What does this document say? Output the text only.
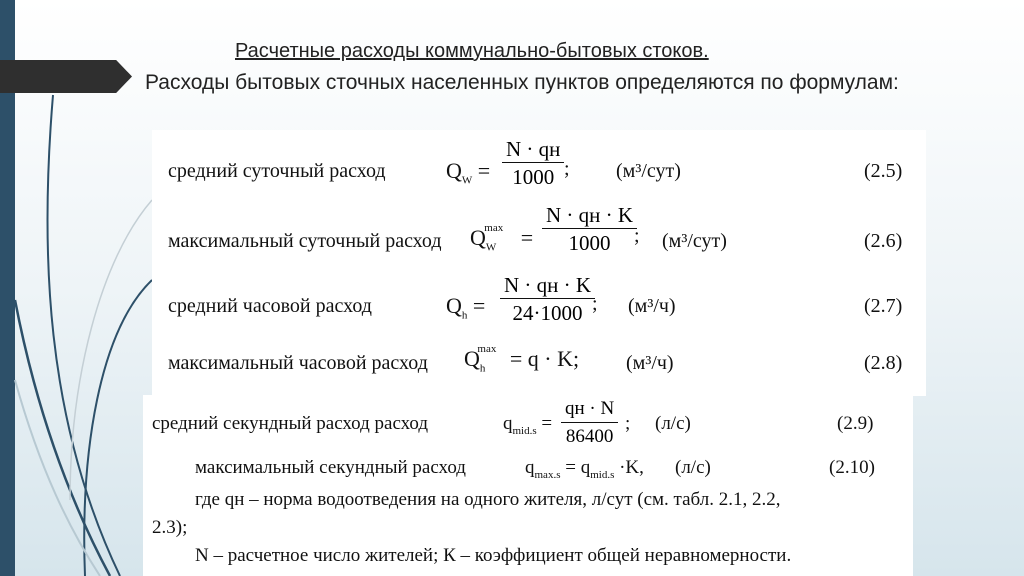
Расчетные расходы коммунально-бытовых стоков.
Расходы бытовых сточных населенных пунктов определяются по формулам:
средний суточный расход	$Q_W$ =
N · qн
1000 ; (м³/сут)	(2.5)
максимальный суточный расход $Q_W^{max}$ =
N · qн · K
1000 ; (м³/сут)	(2.6)
средний часовой расход	$Q_h$ =
N · qн · K
24·1000 ; (м³/ч)	(2.7)
максимальный часовой расход $Q_h^{max} = q \cdot K$; (м³/ч)	(2.8)
средний секундный расход расход	$q_{mid.s}$ =
qн · N
86400
; (л/с)	(2.9)
максимальный секундный расход	$q_{max.s} = q_{mid.s} \cdot K$, (л/с)	(2.10)
где qн – норма водоотведения на одного жителя, л/сут (см. табл. 2.1, 2.2,
2.3);
N – расчетное число жителей; К – коэффициент общей неравномерности.
